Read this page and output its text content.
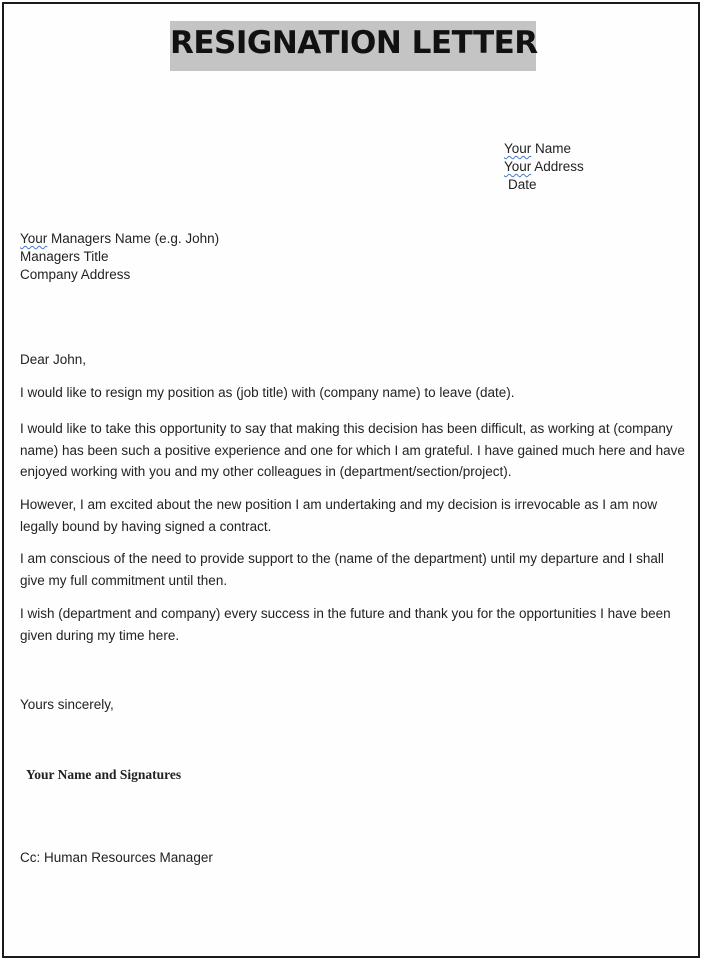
RESIGNATION LETTER
Your Name
Your Address
Date
Your Managers Name (e.g. John)
Managers Title
Company Address
Dear John,
I would like to resign my position as (job title) with (company name) to leave (date).
I would like to take this opportunity to say that making this decision has been difficult, as working at (company name) has been such a positive experience and one for which I am grateful. I have gained much here and have enjoyed working with you and my other colleagues in (department/section/project).
However, I am excited about the new position I am undertaking and my decision is irrevocable as I am now legally bound by having signed a contract.
I am conscious of the need to provide support to the (name of the department) until my departure and I shall give my full commitment until then.
I wish (department and company) every success in the future and thank you for the opportunities I have been given during my time here.
Yours sincerely,
Your Name and Signatures
Cc: Human Resources Manager
